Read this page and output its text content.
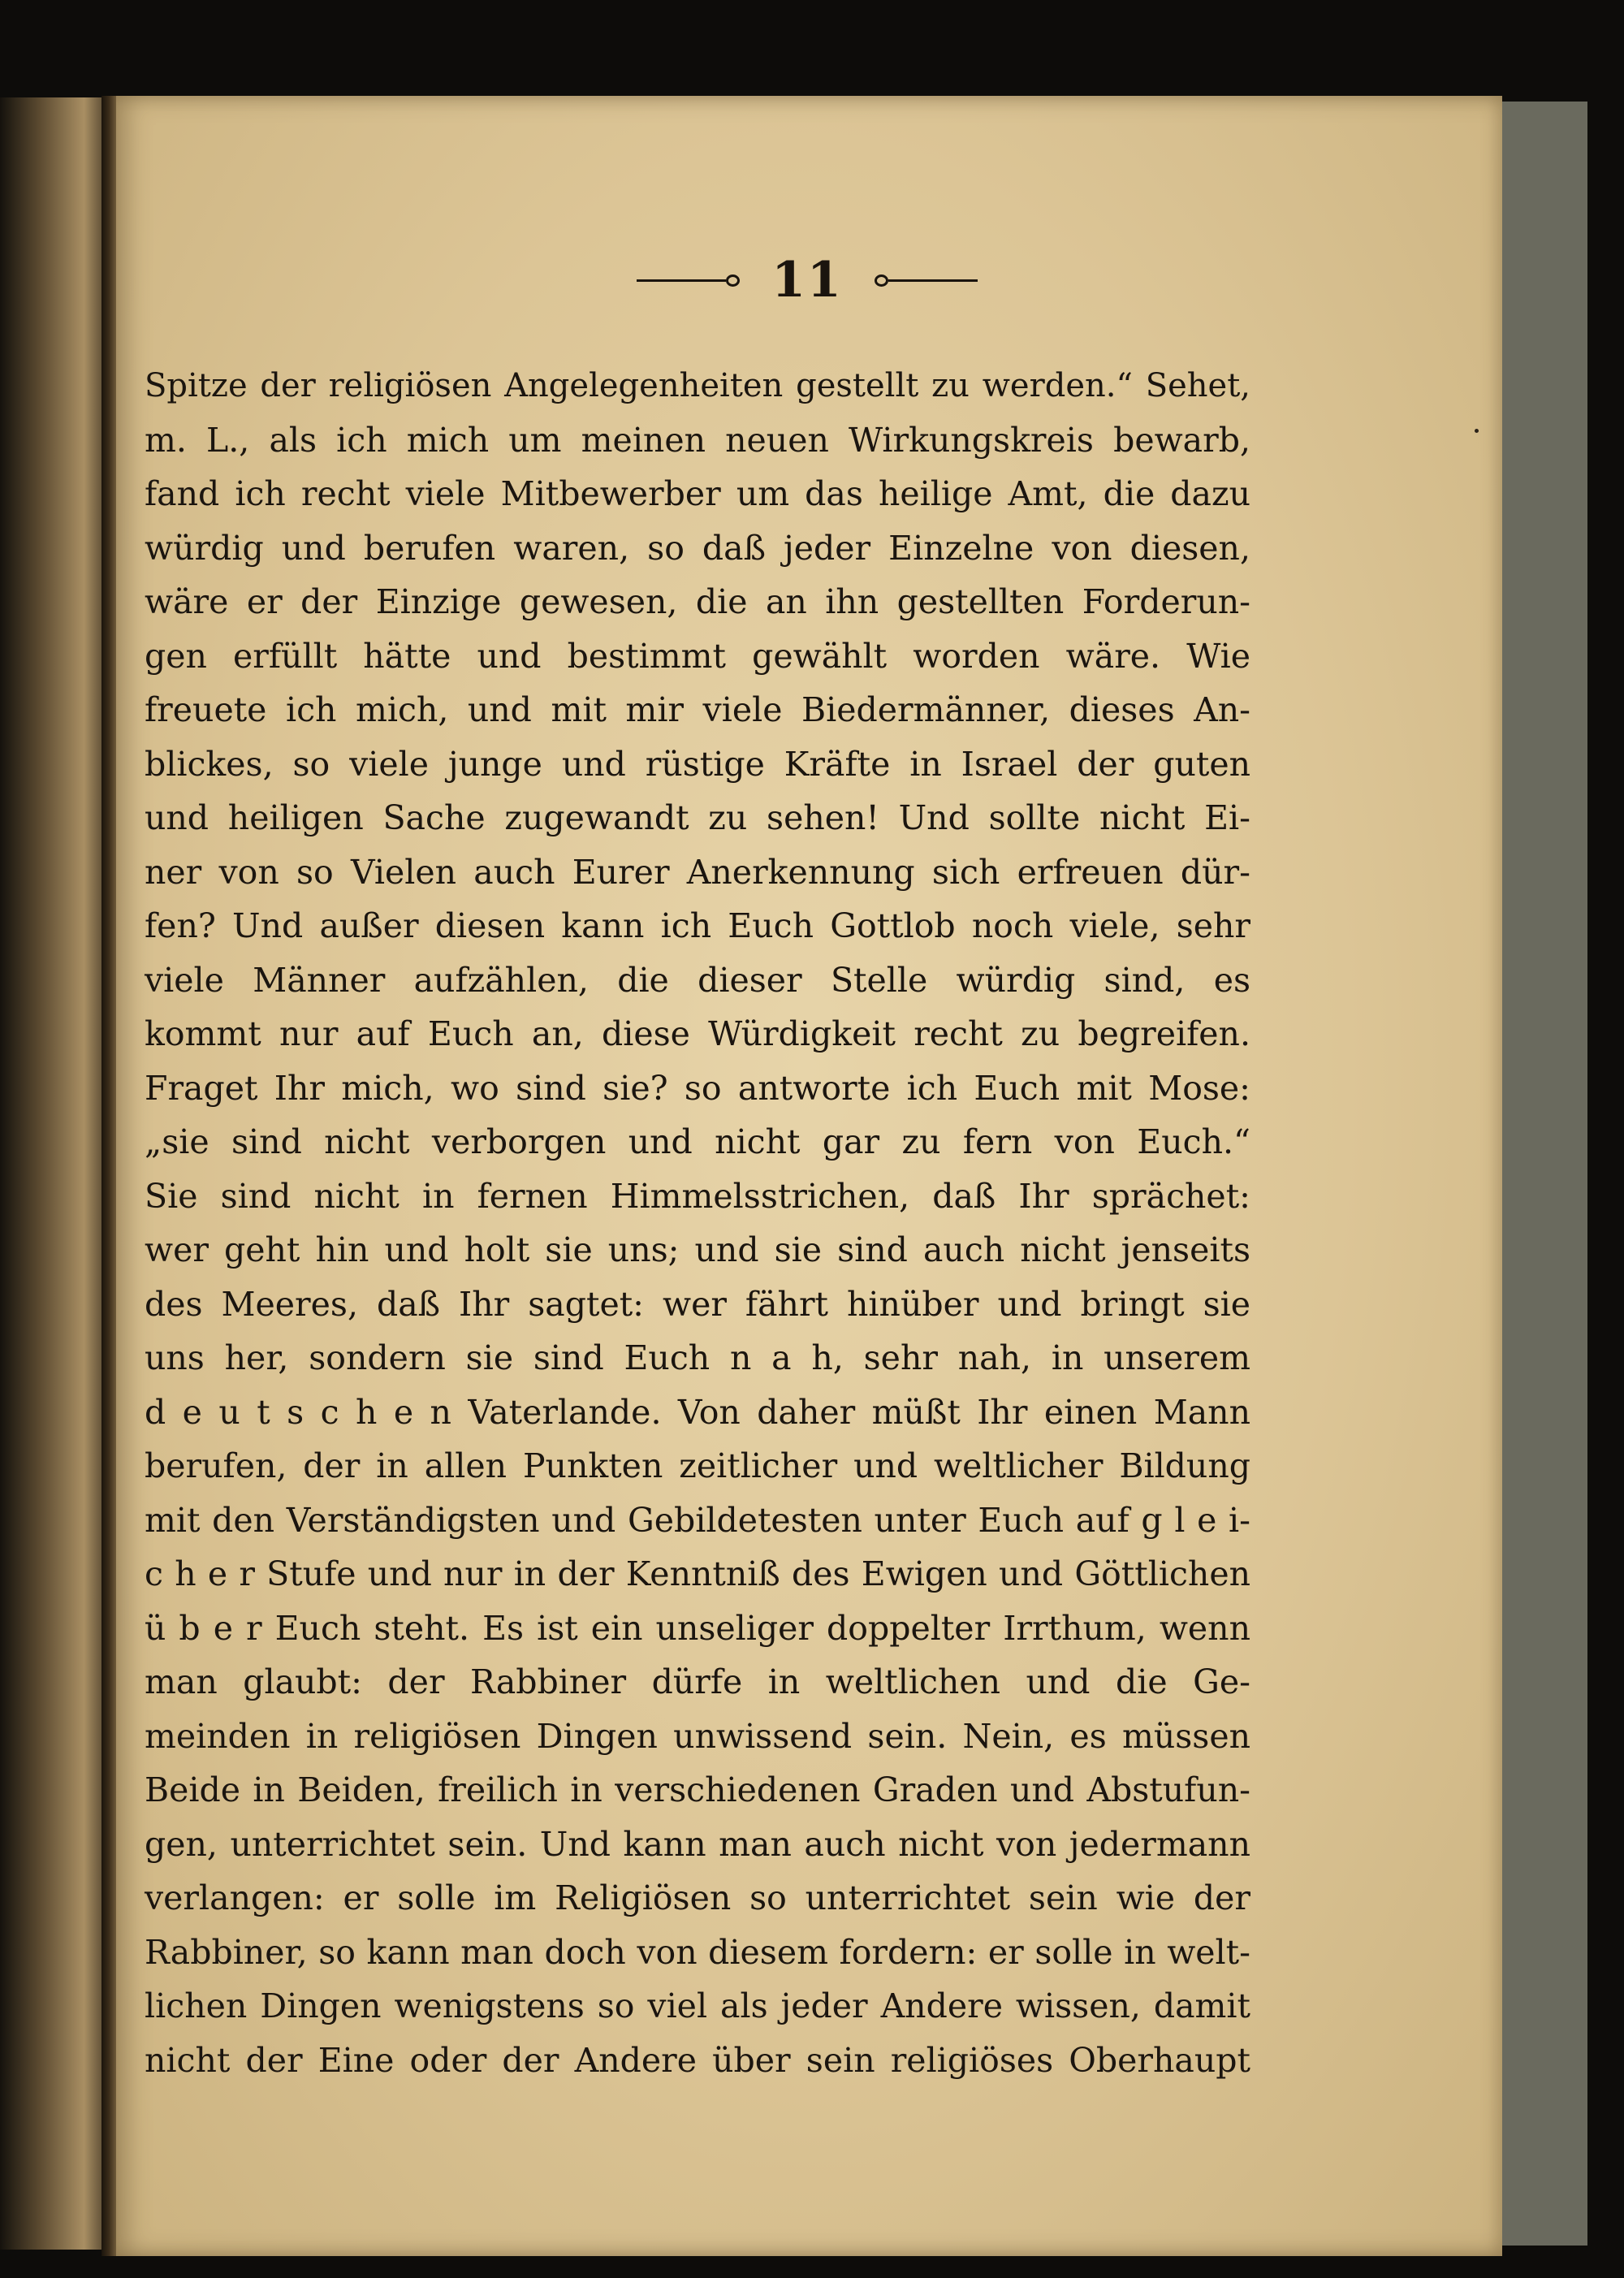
11
Spitze der religiösen Angelegenheiten gestellt zu werden.“ Sehet,
m. L., als ich mich um meinen neuen Wirkungskreis bewarb,
fand ich recht viele Mitbewerber um das heilige Amt, die dazu
würdig und berufen waren, so daß jeder Einzelne von diesen,
wäre er der Einzige gewesen, die an ihn gestellten Forderun-
gen erfüllt hätte und bestimmt gewählt worden wäre. Wie
freuete ich mich, und mit mir viele Biedermänner, dieses An-
blickes, so viele junge und rüstige Kräfte in Israel der guten
und heiligen Sache zugewandt zu sehen! Und sollte nicht Ei-
ner von so Vielen auch Eurer Anerkennung sich erfreuen dür-
fen? Und außer diesen kann ich Euch Gottlob noch viele, sehr
viele Männer aufzählen, die dieser Stelle würdig sind, es
kommt nur auf Euch an, diese Würdigkeit recht zu begreifen.
Fraget Ihr mich, wo sind sie? so antworte ich Euch mit Mose:
„sie sind nicht verborgen und nicht gar zu fern von Euch.“
Sie sind nicht in fernen Himmelsstrichen, daß Ihr sprächet:
wer geht hin und holt sie uns; und sie sind auch nicht jenseits
des Meeres, daß Ihr sagtet: wer fährt hinüber und bringt sie
uns her, sondern sie sind Euch n a h, sehr nah, in unserem
d e u t s c h e n Vaterlande. Von daher müßt Ihr einen Mann
berufen, der in allen Punkten zeitlicher und weltlicher Bildung
mit den Verständigsten und Gebildetesten unter Euch auf g l e i-
c h e r Stufe und nur in der Kenntniß des Ewigen und Göttlichen
ü b e r Euch steht. Es ist ein unseliger doppelter Irrthum, wenn
man glaubt: der Rabbiner dürfe in weltlichen und die Ge-
meinden in religiösen Dingen unwissend sein. Nein, es müssen
Beide in Beiden, freilich in verschiedenen Graden und Abstufun-
gen, unterrichtet sein. Und kann man auch nicht von jedermann
verlangen: er solle im Religiösen so unterrichtet sein wie der
Rabbiner, so kann man doch von diesem fordern: er solle in welt-
lichen Dingen wenigstens so viel als jeder Andere wissen, damit
nicht der Eine oder der Andere über sein religiöses Oberhaupt
